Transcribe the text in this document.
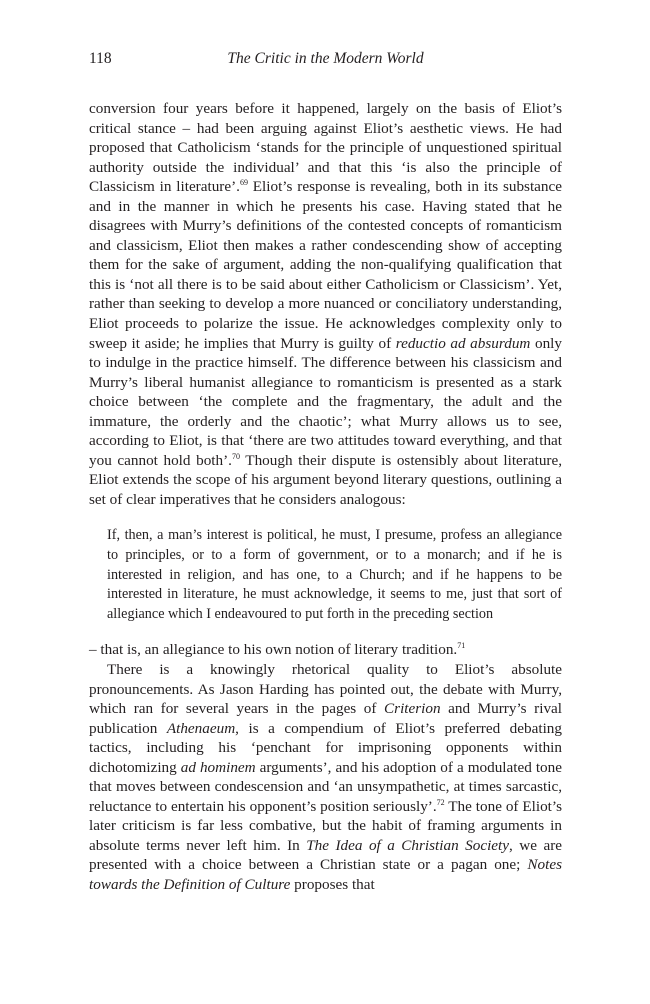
118	The Critic in the Modern World

conversion four years before it happened, largely on the basis of Eliot’s critical stance – had been arguing against Eliot’s aesthetic views. He had proposed that Catholicism ‘stands for the principle of unquestioned spiritual authority outside the individual’ and that this ‘is also the principle of Classicism in literature’.$^{69}$ Eliot’s response is revealing, both in its substance and in the manner in which he presents his case. Having stated that he disagrees with Murry’s definitions of the contested concepts of romanticism and classicism, Eliot then makes a rather condescending show of accepting them for the sake of argument, adding the non-qualifying qualification that this is ‘not all there is to be said about either Catholicism or Classicism’. Yet, rather than seeking to develop a more nuanced or conciliatory understanding, Eliot proceeds to polarize the issue. He acknowledges complexity only to sweep it aside; he implies that Murry is guilty of reductio ad absurdum only to indulge in the practice himself. The difference between his classicism and Murry’s liberal humanist allegiance to romanticism is presented as a stark choice between ‘the complete and the fragmentary, the adult and the immature, the orderly and the chaotic’; what Murry allows us to see, according to Eliot, is that ‘there are two attitudes toward everything, and that you cannot hold both’.$^{70}$ Though their dispute is ostensibly about literature, Eliot extends the scope of his argument beyond literary questions, outlining a set of clear imperatives that he considers analogous:

If, then, a man’s interest is political, he must, I presume, profess an allegiance to principles, or to a form of government, or to a monarch; and if he is interested in religion, and has one, to a Church; and if he happens to be interested in literature, he must acknowledge, it seems to me, just that sort of allegiance which I endeavoured to put forth in the preceding section

– that is, an allegiance to his own notion of literary tradition.$^{71}$

There is a knowingly rhetorical quality to Eliot’s absolute pronouncements. As Jason Harding has pointed out, the debate with Murry, which ran for several years in the pages of Criterion and Murry’s rival publication Athenaeum, is a compendium of Eliot’s preferred debating tactics, including his ‘penchant for imprisoning opponents within dichotomizing ad hominem arguments’, and his adoption of a modulated tone that moves between condescension and ‘an unsympathetic, at times sarcastic, reluctance to entertain his opponent’s position seriously’.$^{72}$ The tone of Eliot’s later criticism is far less combative, but the habit of framing arguments in absolute terms never left him. In The Idea of a Christian Society, we are presented with a choice between a Christian state or a pagan one; Notes towards the Definition of Culture proposes that
